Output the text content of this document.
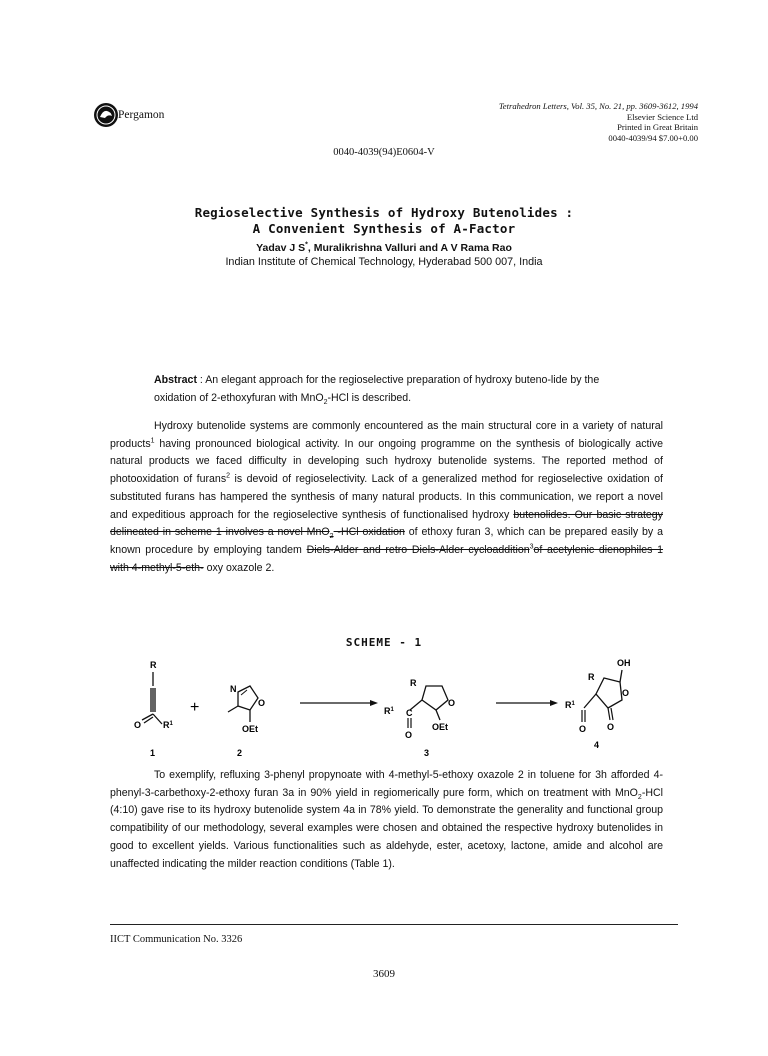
Pergamon
Tetrahedron Letters, Vol. 35, No. 21, pp. 3609-3612, 1994
Elsevier Science Ltd
Printed in Great Britain
0040-4039/94 $7.00+0.00
0040-4039(94)E0604-V
Regioselective Synthesis of Hydroxy Butenolides :
A Convenient Synthesis of A-Factor
Yadav J S*, Muralikrishna Valluri and A V Rama Rao
Indian Institute of Chemical Technology, Hyderabad 500 007, India
Abstract : An elegant approach for the regioselective preparation of hydroxy buteno-lide by the oxidation of 2-ethoxyfuran with MnO$_2$-HCl is described.

Hydroxy butenolide systems are commonly encountered as the main structural core in a variety of natural products$^1$ having pronounced biological activity. In our ongoing programme on the synthesis of biologically active natural products we faced difficulty in developing such hydroxy butenolide systems. The reported method of photooxidation of furans$^2$ is devoid of regioselectivity. Lack of a generalized method for regioselective oxidation of substituted furans has hampered the synthesis of many natural products. In this communication, we report a novel and expeditious approach for the regioselective synthesis of functionalised hydroxy butenolides. Our basic strategy delineated in scheme 1 involves a novel MnO$_2$ -HCl oxidation of ethoxy furan 3, which can be prepared easily by a known procedure by employing tandem Diels-Alder and retro Diels-Alder cycloaddition$^3$of acetylenic dienophiles 1 with 4-methyl-5-eth- oxy oxazole 2.

SCHEME - 1
R
O $R^1$
1
+
N
O
OEt
2
R
O
$R^1$ C
O
OEt
3
OH
R
O
O
$R^1$
O
4

To exemplify, refluxing 3-phenyl propynoate with 4-methyl-5-ethoxy oxazole 2 in toluene for 3h afforded 4-phenyl-3-carbethoxy-2-ethoxy furan 3a in 90% yield in regiomerically pure form, which on treatment with MnO$_2$-HCl (4:10) gave rise to its hydroxy butenolide system 4a in 78% yield. To demonstrate the generality and functional group compatibility of our methodology, several examples were chosen and obtained the respective hydroxy butenolides in good to excellent yields. Various functionalities such as aldehyde, ester, acetoxy, lactone, amide and alcohol are unaffected indicating the milder reaction conditions (Table 1).

IICT Communication No. 3326
3609
